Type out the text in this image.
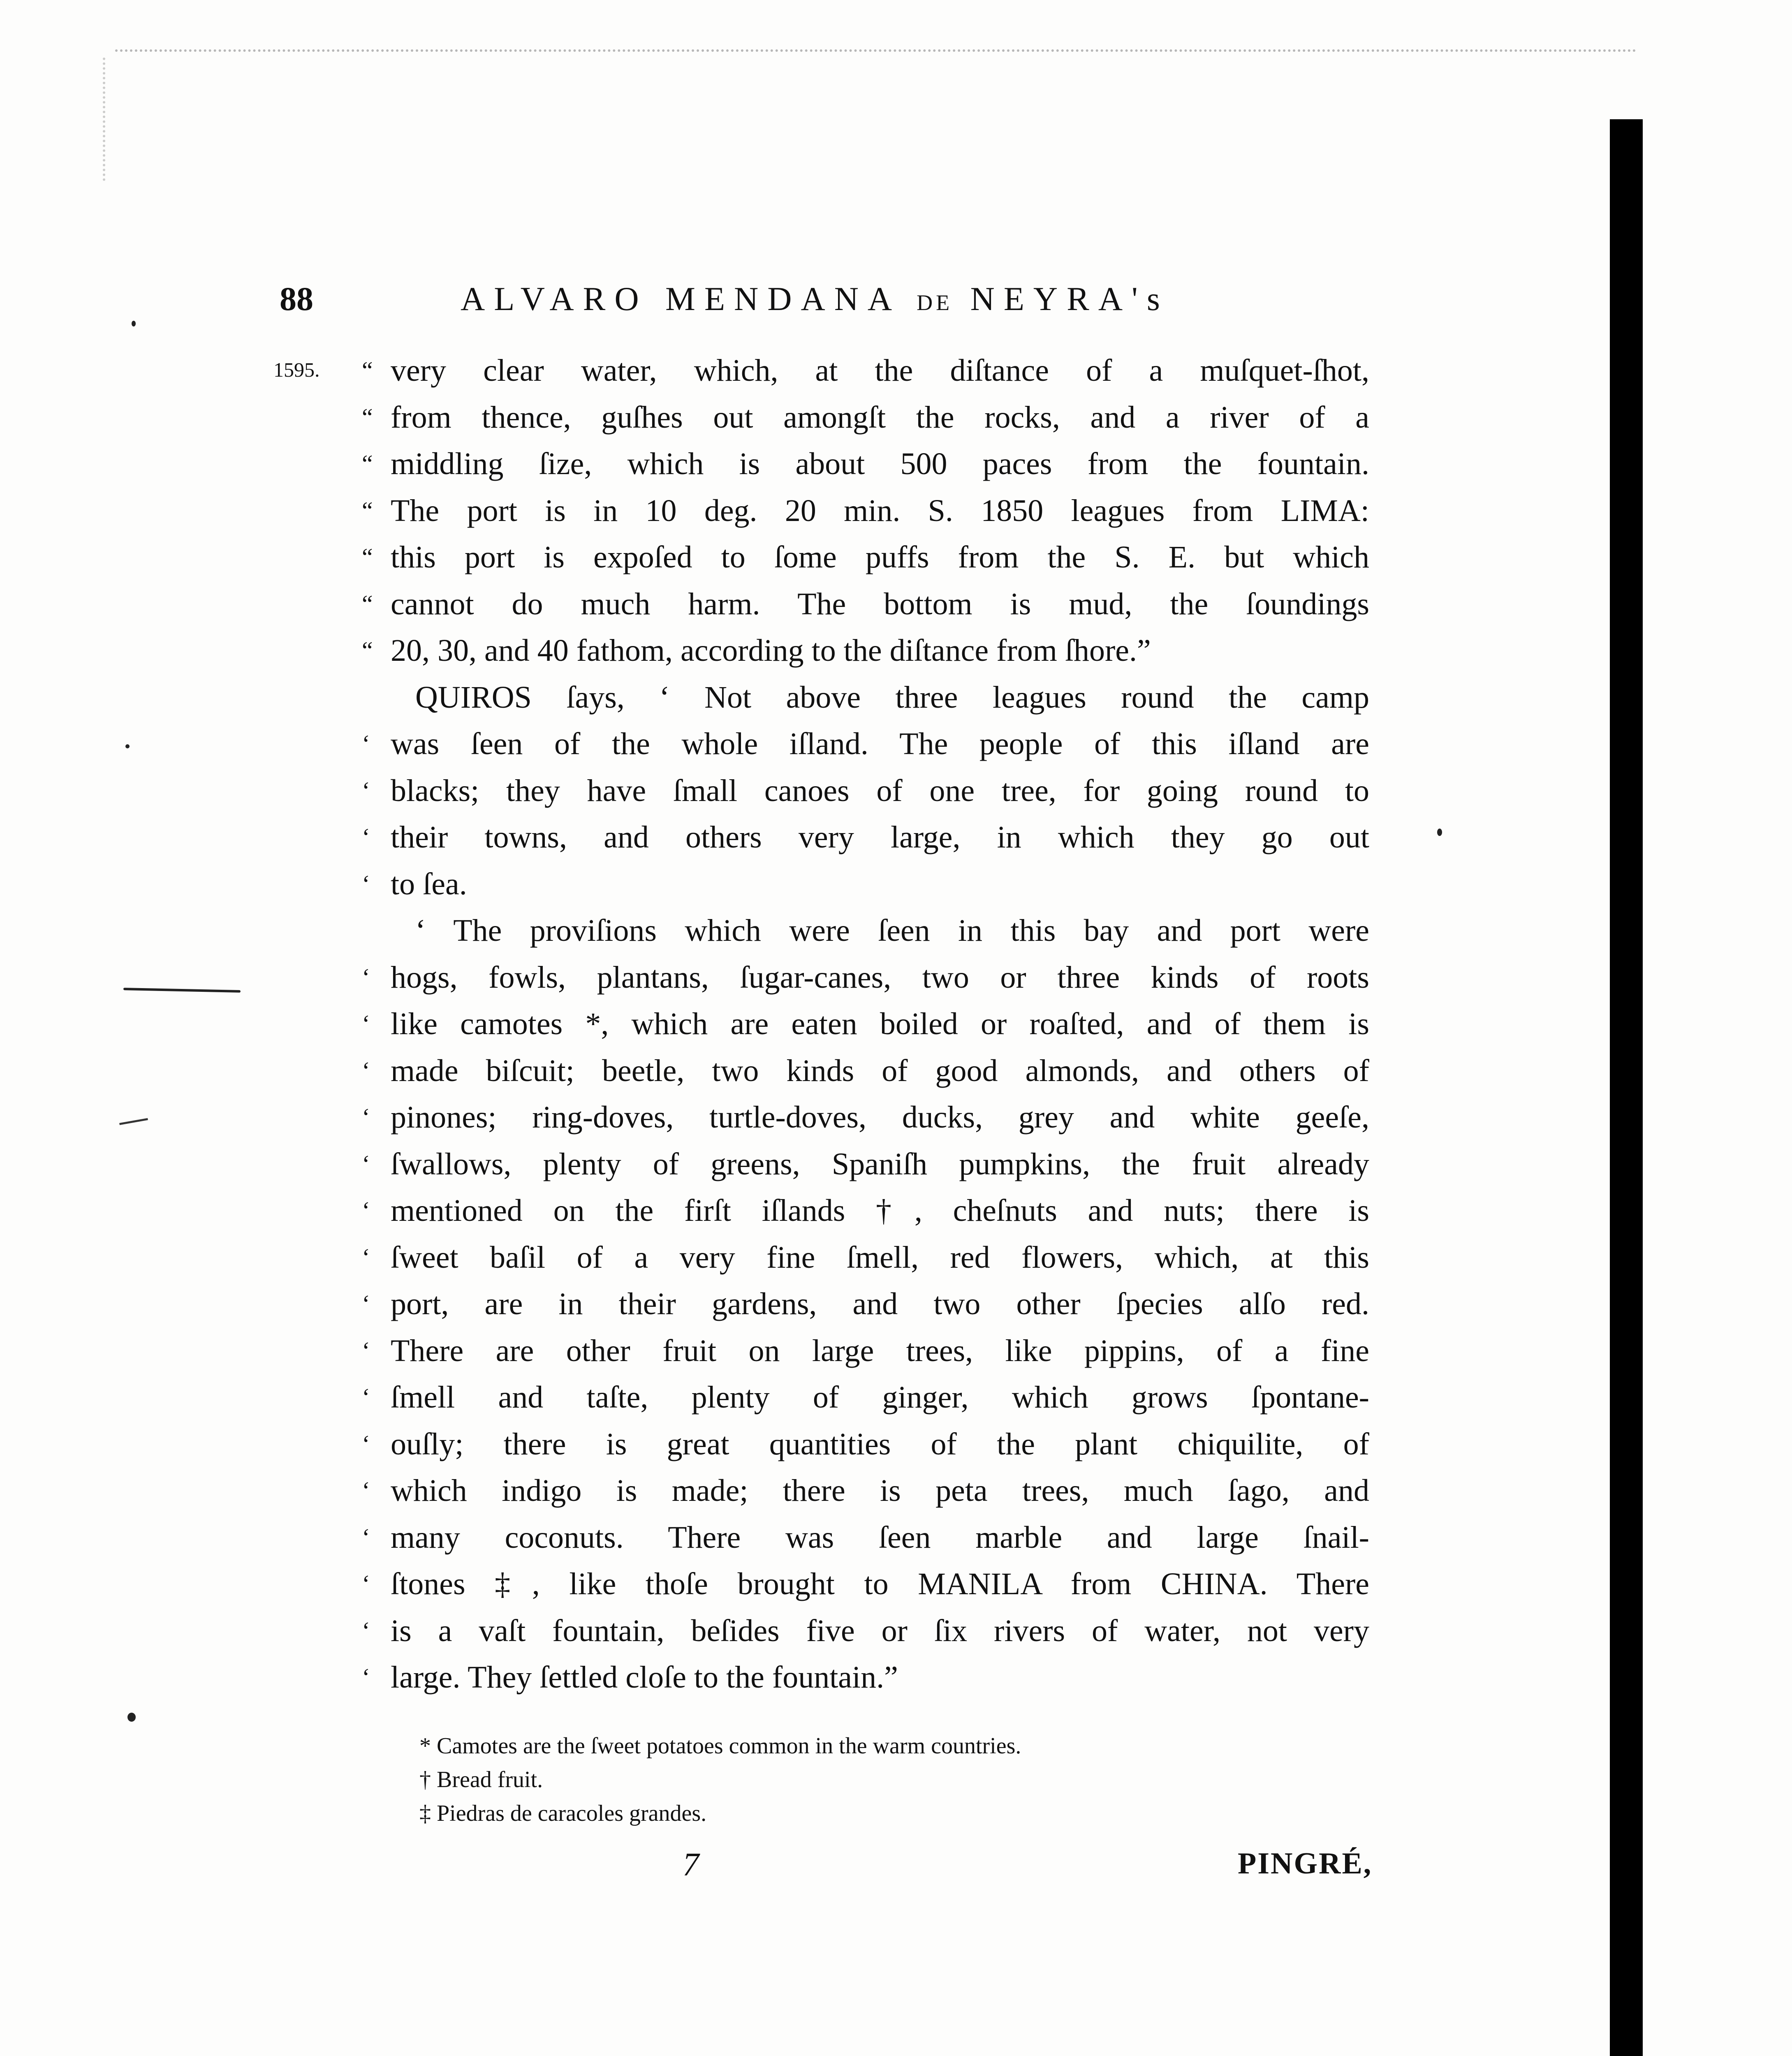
88	ALVARO MENDANA DE NEYRA's
1595. “ very clear water, which, at the diſtance of a muſquet-ſhot,
“ from thence, guſhes out amongſt the rocks, and a river of a
“ middling ſize, which is about 500 paces from the fountain.
“ The port is in 10 deg. 20 min. S. 1850 leagues from LIMA:
“ this port is expoſed to ſome puffs from the S. E. but which
“ cannot do much harm. The bottom is mud, the ſoundings
“ 20, 30, and 40 fathom, according to the diſtance from ſhore.”
QUIROS ſays, ‘ Not above three leagues round the camp
‘ was ſeen of the whole iſland. The people of this iſland are
‘ blacks; they have ſmall canoes of one tree, for going round to
‘ their towns, and others very large, in which they go out
‘ to ſea.
‘ The proviſions which were ſeen in this bay and port were
‘ hogs, fowls, plantans, ſugar-canes, two or three kinds of roots
‘ like camotes *, which are eaten boiled or roaſted, and of them is
‘ made biſcuit; beetle, two kinds of good almonds, and others of
‘ pinones; ring-doves, turtle-doves, ducks, grey and white geeſe,
‘ ſwallows, plenty of greens, Spaniſh pumpkins, the fruit already
‘ mentioned on the firſt iſlands †, cheſnuts and nuts; there is
‘ ſweet baſil of a very fine ſmell, red flowers, which, at this
‘ port, are in their gardens, and two other ſpecies alſo red.
‘ There are other fruit on large trees, like pippins, of a fine
‘ ſmell and taſte, plenty of ginger, which grows ſpontane-
‘ ouſly; there is great quantities of the plant chiquilite, of
‘ which indigo is made; there is peta trees, much ſago, and
‘ many coconuts. There was ſeen marble and large ſnail-
‘ ſtones ‡, like thoſe brought to MANILA from CHINA. There
‘ is a vaſt fountain, beſides five or ſix rivers of water, not very
‘ large. They ſettled cloſe to the fountain.”
* Camotes are the ſweet potatoes common in the warm countries.
† Bread fruit.
‡ Piedras de caracoles grandes.
7	PINGRÉ,
